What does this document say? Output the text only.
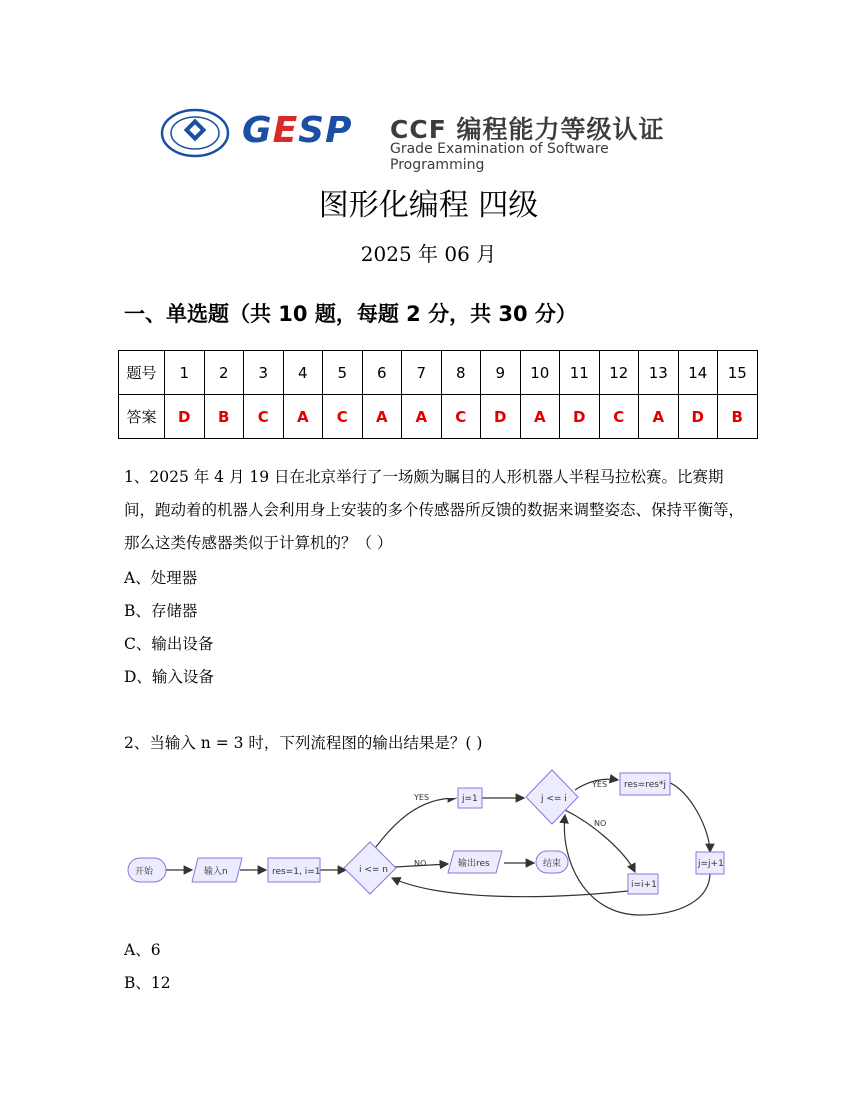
GESP CCF 编程能力等级认证
Grade Examination of Software Programming
图形化编程 四级
2025 年 06 月
一、单选题（共 10 题，每题 2 分，共 30 分）
题号	1	2	3	4	5	6	7	8	9	10	11	12	13	14	15
答案	D	B	C	A	C	A	A	C	D	A	D	C	A	D	B
1、2025 年 4 月 19 日在北京举行了一场颇为瞩目的人形机器人半程马拉松赛。比赛期间，跑动着的机器人会利用身上安装的多个传感器所反馈的数据来调整姿态、保持平衡等，那么这类传感器类似于计算机的？（ ）
A、处理器
B、存储器
C、输出设备
D、输入设备
2、当输入 n = 3 时，下列流程图的输出结果是？( )
YES
YES
NO
NO
开始	输入n	res=1, i=1	i <= n
j=1	j <= i
res=res*j
j=j+1
i=i+1
输出res	结束
A、6
B、12
